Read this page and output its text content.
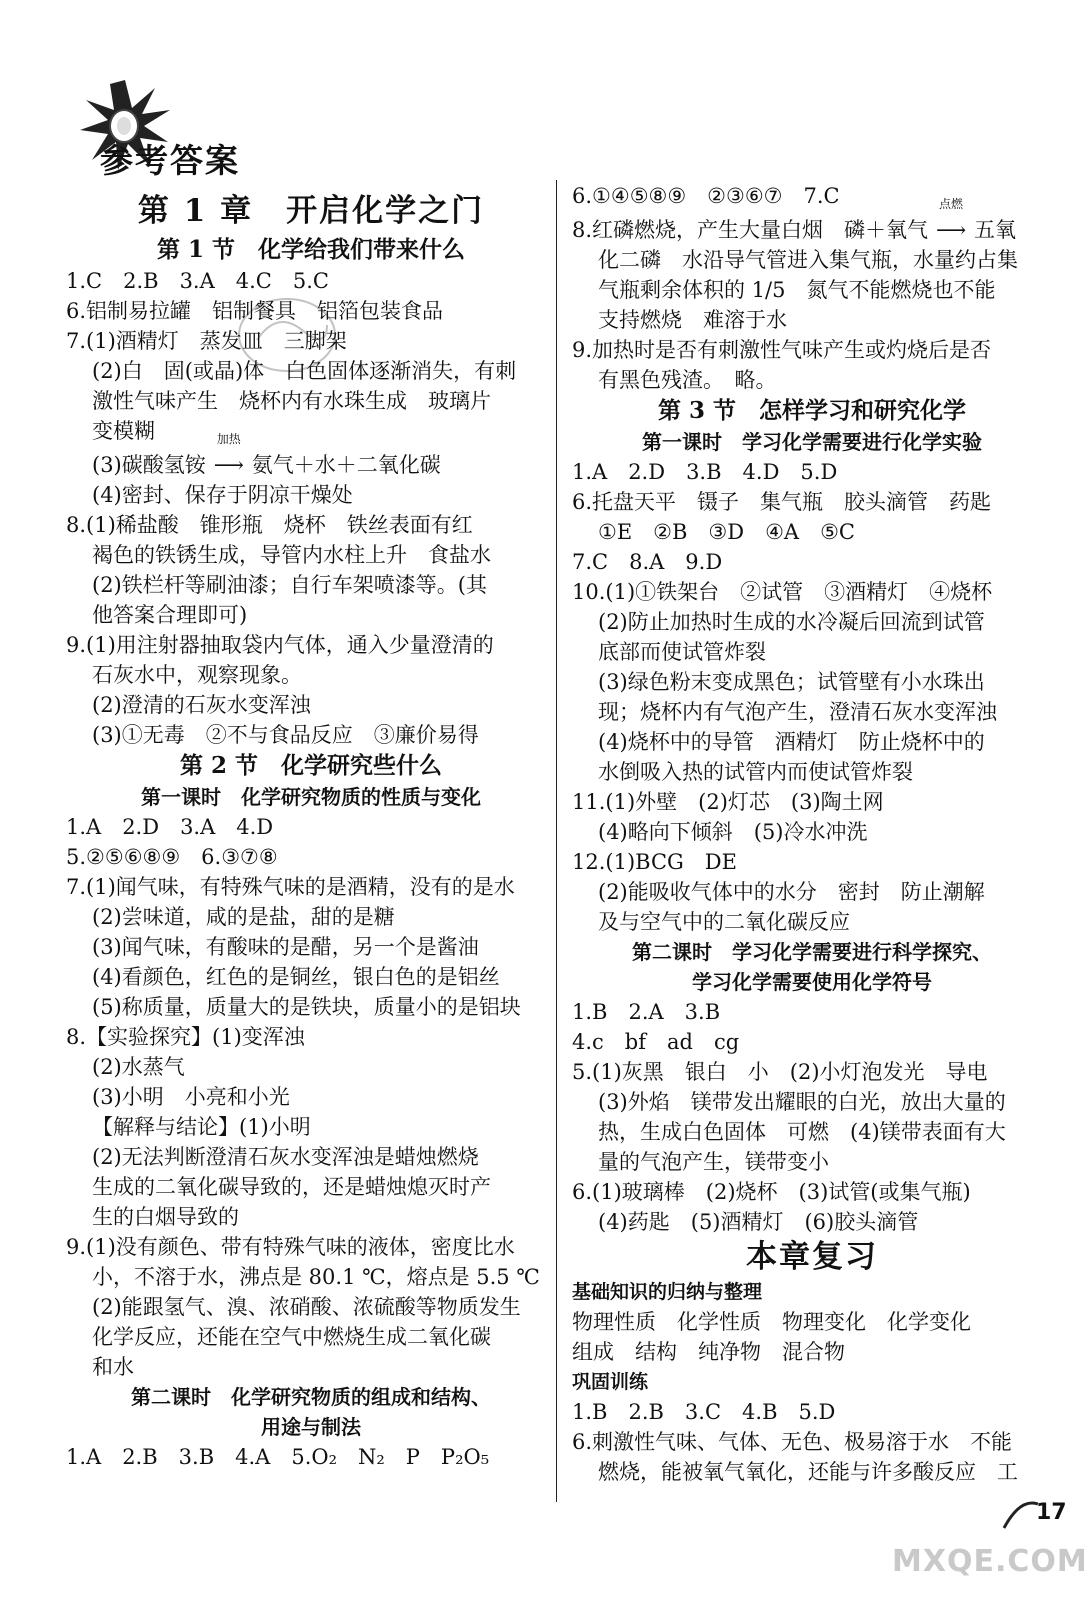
参考答案
第 1 章　开启化学之门
第 1 节　化学给我们带来什么
1.C　2.B　3.A　4.C　5.C
6.铝制易拉罐　铝制餐具　铝箔包装食品
7.(1)酒精灯　蒸发皿　三脚架
(2)白　固(或晶)体　白色固体逐渐消失，有刺
激性气味产生　烧杯内有水珠生成　玻璃片
变模糊
(3)碳酸氢铵
加热
⟶ 氨气＋水＋二氧化碳
(4)密封、保存于阴凉干燥处
8.(1)稀盐酸　锥形瓶　烧杯　铁丝表面有红
褐色的铁锈生成，导管内水柱上升　食盐水
(2)铁栏杆等刷油漆；自行车架喷漆等。(其
他答案合理即可)
9.(1)用注射器抽取袋内气体，通入少量澄清的
石灰水中，观察现象。
(2)澄清的石灰水变浑浊
(3)①无毒　②不与食品反应　③廉价易得
第 2 节　化学研究些什么
第一课时　化学研究物质的性质与变化
1.A　2.D　3.A　4.D
5.②⑤⑥⑧⑨　6.③⑦⑧
7.(1)闻气味，有特殊气味的是酒精，没有的是水
(2)尝味道，咸的是盐，甜的是糖
(3)闻气味，有酸味的是醋，另一个是酱油
(4)看颜色，红色的是铜丝，银白色的是铝丝
(5)称质量，质量大的是铁块，质量小的是铝块
8.【实验探究】(1)变浑浊
(2)水蒸气
(3)小明　小亮和小光
【解释与结论】(1)小明
(2)无法判断澄清石灰水变浑浊是蜡烛燃烧
生成的二氧化碳导致的，还是蜡烛熄灭时产
生的白烟导致的
9.(1)没有颜色、带有特殊气味的液体，密度比水
小，不溶于水，沸点是 80.1 ℃，熔点是 5.5 ℃
(2)能跟氢气、溴、浓硝酸、浓硫酸等物质发生
化学反应，还能在空气中燃烧生成二氧化碳
和水
第二课时　化学研究物质的组成和结构、
用途与制法
1.A　2.B　3.B　4.A　5.O₂　N₂　P　P₂O₅
6.①④⑤⑧⑨　②③⑥⑦　7.C
8.红磷燃烧，产生大量白烟　磷＋氧气
点燃
⟶ 五氧
化二磷　水沿导气管进入集气瓶，水量约占集
气瓶剩余体积的 1/5　氮气不能燃烧也不能
支持燃烧　难溶于水
9.加热时是否有刺激性气味产生或灼烧后是否
有黑色残渣。　略。
第 3 节　怎样学习和研究化学
第一课时　学习化学需要进行化学实验
1.A　2.D　3.B　4.D　5.D
6.托盘天平　镊子　集气瓶　胶头滴管　药匙
①E　②B　③D　④A　⑤C
7.C　8.A　9.D
10.(1)①铁架台　②试管　③酒精灯　④烧杯
(2)防止加热时生成的水冷凝后回流到试管
底部而使试管炸裂
(3)绿色粉末变成黑色；试管壁有小水珠出
现；烧杯内有气泡产生，澄清石灰水变浑浊
(4)烧杯中的导管　酒精灯　防止烧杯中的
水倒吸入热的试管内而使试管炸裂
11.(1)外壁　(2)灯芯　(3)陶土网
(4)略向下倾斜　(5)冷水冲洗
12.(1)BCG　DE
(2)能吸收气体中的水分　密封　防止潮解
及与空气中的二氧化碳反应
第二课时　学习化学需要进行科学探究、
学习化学需要使用化学符号
1.B　2.A　3.B
4.c　bf　ad　cg
5.(1)灰黑　银白　小　(2)小灯泡发光　导电
(3)外焰　镁带发出耀眼的白光，放出大量的
热，生成白色固体　可燃　(4)镁带表面有大
量的气泡产生，镁带变小
6.(1)玻璃棒　(2)烧杯　(3)试管(或集气瓶)
(4)药匙　(5)酒精灯　(6)胶头滴管
本章复习
基础知识的归纳与整理
物理性质　化学性质　物理变化　化学变化
组成　结构　纯净物　混合物
巩固训练
1.B　2.B　3.C　4.B　5.D
6.刺激性气味、气体、无色、极易溶于水　不能
燃烧，能被氧气氧化，还能与许多酸反应　工
17
MXQE.COM
